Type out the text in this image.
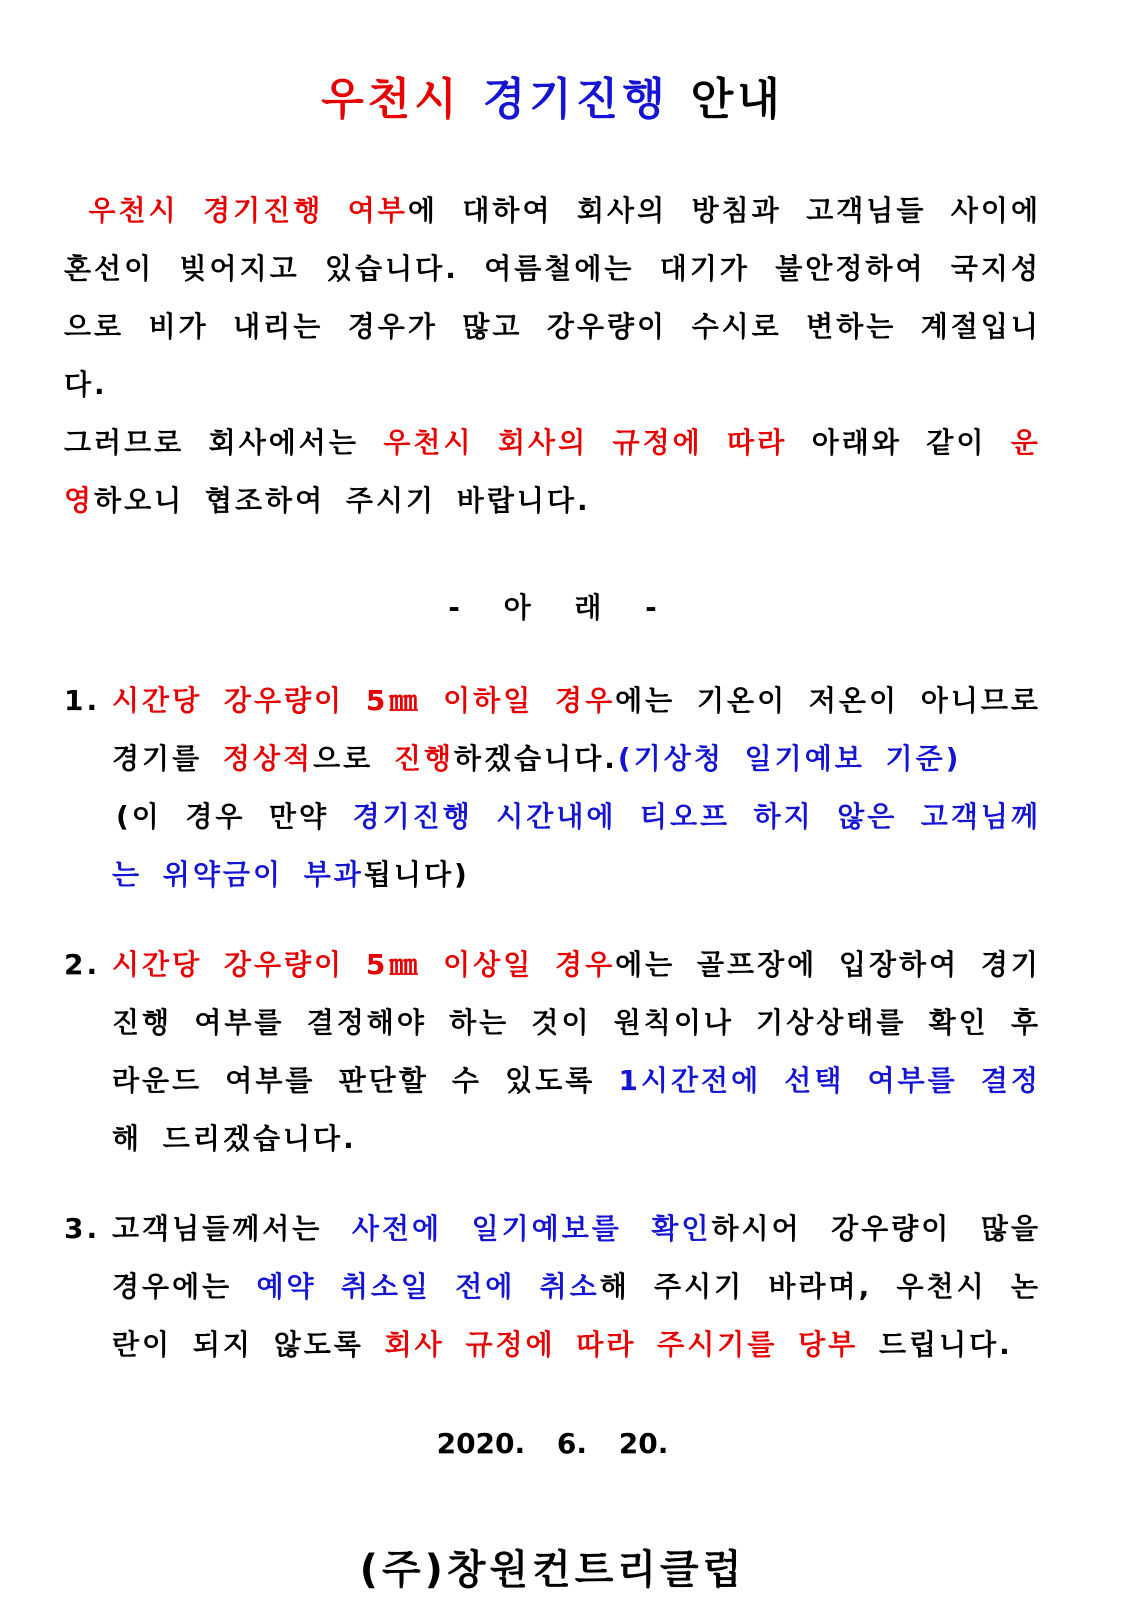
우천시 경기진행 안내
우천시 경기진행 여부에 대하여 회사의 방침과 고객님들 사이에 혼선이 빚어지고 있습니다. 여름철에는 대기가 불안정하여 국지성으로 비가 내리는 경우가 많고 강우량이 수시로 변하는 계절입니다.
그러므로 회사에서는 우천시 회사의 규정에 따라 아래와 같이 운영하오니 협조하여 주시기 바랍니다.
- 아 래 -
1. 시간당 강우량이 5㎜ 이하일 경우에는 기온이 저온이 아니므로 경기를 정상적으로 진행하겠습니다.(기상청 일기예보 기준)
(이 경우 만약 경기진행 시간내에 티오프 하지 않은 고객님께는 위약금이 부과됩니다)
2. 시간당 강우량이 5㎜ 이상일 경우에는 골프장에 입장하여 경기진행 여부를 결정해야 하는 것이 원칙이나 기상상태를 확인 후 라운드 여부를 판단할 수 있도록 1시간전에 선택 여부를 결정해 드리겠습니다.
3. 고객님들께서는 사전에 일기예보를 확인하시어 강우량이 많을 경우에는 예약 취소일 전에 취소해 주시기 바라며, 우천시 논란이 되지 않도록 회사 규정에 따라 주시기를 당부 드립니다.
2020. 6. 20.
(주)창원컨트리클럽
